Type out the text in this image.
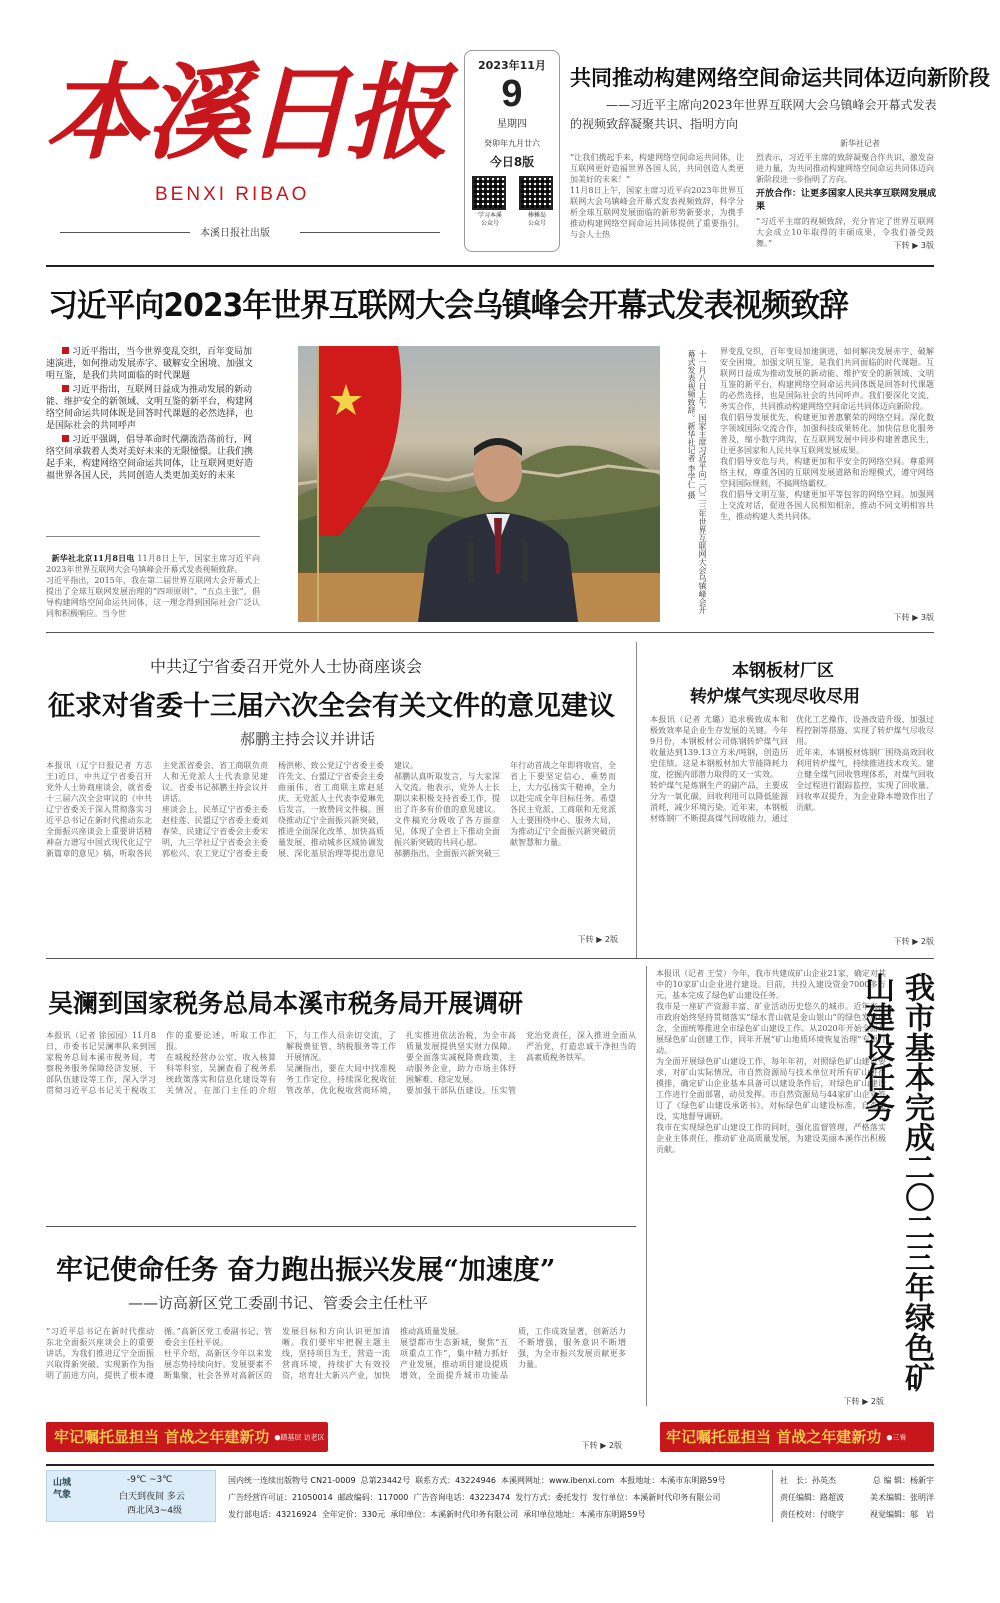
本溪日报
BENXI RIBAO
本溪日报社出版
2023年11月
9
星期四
癸卯年九月廿六
今日8版
学习本溪
公众号
棒棰岛
公众号
共同推动构建网络空间命运共同体迈向新阶段
——习近平主席向2023年世界互联网大会乌镇峰会开幕式发表的视频致辞凝聚共识、指明方向
新华社记者
“让我们携起手来，构建网络空间命运共同体，让互联网更好造福世界各国人民，共同创造人类更加美好的未来！”
11月8日上午，国家主席习近平向2023年世界互联网大会乌镇峰会开幕式发表视频致辞，科学分析全球互联网发展面临的新形势新要求，为携手推动构建网络空间命运共同体提供了重要指引。与会人士热
烈表示，习近平主席的致辞凝聚合作共识、激发奋进力量，为共同推动构建网络空间命运共同体迈向新阶段进一步指明了方向。
开放合作：让更多国家人民共享互联网发展成果
“习近平主席的视频致辞，充分肯定了世界互联网大会成立10年取得的丰硕成果，令我们备受鼓舞。”	下转 ▶ 3版
习近平向2023年世界互联网大会乌镇峰会开幕式发表视频致辞
习近平指出，当今世界变乱交织，百年变局加速演进，如何推动发展赤字、破解安全困境、加强文明互鉴，是我们共同面临的时代课题
习近平指出，互联网日益成为推动发展的新动能、维护安全的新领域、文明互鉴的新平台，构建网络空间命运共同体既是回答时代课题的必然选择，也是国际社会的共同呼声
习近平强调，倡导革命时代潮流浩荡前行，网络空间承载着人类对美好未来的无限憧憬。让我们携起手来，构建网络空间命运共同体，让互联网更好造福世界各国人民，共同创造人类更加美好的未来

新华社北京11月8日电 11月8日上午，国家主席习近平向2023年世界互联网大会乌镇峰会开幕式发表视频致辞。
习近平指出，2015年，我在第二届世界互联网大会开幕式上提出了全球互联网发展治理的“四项原则”、“五点主张”，倡导构建网络空间命运共同体，这一理念得到国际社会广泛认同和积极响应。当今世	十一月八日上午，国家主席习近平向二〇二三年世界互联网大会乌镇峰会开幕式发表视频致辞。新华社记者 李学仁 摄	界变乱交织，百年变局加速演进，如何解决发展赤字、破解安全困境、加强文明互鉴，是我们共同面临的时代课题。互联网日益成为推动发展的新动能、维护安全的新领域、文明互鉴的新平台，构建网络空间命运共同体既是回答时代课题的必然选择，也是国际社会的共同呼声。我们要深化交流、务实合作，共同推动构建网络空间命运共同体迈向新阶段。
我们倡导发展优先，构建更加普惠繁荣的网络空间。深化数字领域国际交流合作，加强科技成果转化。加快信息化服务普及，缩小数字鸿沟，在互联网发展中同步构建普惠民生，让更多国家和人民共享互联网发展成果。
我们倡导安危与共，构建更加和平安全的网络空间。尊重网络主权，尊重各国的互联网发展道路和治理模式，遵守网络空间国际规则，不搞网络霸权。
我们倡导文明互鉴，构建更加平等包容的网络空间。加强网上交流对话，促进各国人民相知相亲，推动不同文明相容共生，推动构建人类共同体。
下转 ▶ 3版
中共辽宁省委召开党外人士协商座谈会
征求对省委十三届六次全会有关文件的意见建议
郝鹏主持会议并讲话
本报讯（辽宁日报记者 方志王)近日，中共辽宁省委召开党外人士协商座谈会，就省委十三届六次全会审议的《中共辽宁省委关于深入贯彻落实习近平总书记在新时代推动东北全面振兴座谈会上重要讲话精神奋力谱写中国式现代化辽宁新篇章的意见》稿，听取各民主党派省委会、省工商联负责人和无党派人士代表意见建议。省委书记郝鹏主持会议并讲话。
座谈会上，民革辽宁省委主委赵桂莲、民盟辽宁省委主委刘春荣、民建辽宁省委会主委宋明，九三学社辽宁省委会主委郭松兴、农工党辽宁省委主委杨洪彬、致公党辽宁省委主委许先文、台盟辽宁省委会主委曲丽伟、省工商联主席赵延庆、无党派人士代表李爱琳先后发言，一致赞同文件稿。围绕推动辽宁全面振兴新突破，推进全面深化改革、加快高质量发展、推动城乡区域协调发展、深化基层治理等提出意见建议。
郝鹏认真听取发言，与大家深入交流。他表示，党外人士长期以来积极支持省委工作，提出了许多有价值的意见建议。文件稿充分吸收了各方面意见，体现了全省上下推动全面振兴新突破的共同心愿。
郝鹏指出，全面振兴新突破三年行动首战之年即将收官，全省上下要坚定信心、乘势而上，大力弘扬实干精神，全力以赴完成全年目标任务。希望各民主党派、工商联和无党派人士要围绕中心、服务大局，为推动辽宁全面振兴新突破贡献智慧和力量。
下转 ▶ 2版
本钢板材厂区
转炉煤气实现尽收尽用
本报讯（记者 尤璐）追求极致成本和极致效率是企业生存发展的关键。今年9月份，本钢板材公司炼钢转炉煤气回收量达到139.13立方米/吨钢，创造历史佳绩。这是本钢板材加大节能降耗力度，挖掘内部潜力取得的又一实效。
转炉煤气是炼钢生产的副产品，主要成分为一氧化碳，回收利用可以降低能源消耗，减少环境污染。近年来，本钢板材炼钢厂不断提高煤气回收能力，通过优化工艺操作、设备改造升级、加强过程控制等措施，实现了转炉煤气尽收尽用。
近年来，本钢板材炼钢厂围绕高效回收利用转炉煤气，持续推进技术攻关。建立健全煤气回收管理体系，对煤气回收全过程进行跟踪监控，实现了回收量、回收率双提升，为企业降本增效作出了贡献。
下转 ▶ 2版
吴澜到国家税务总局本溪市税务局开展调研
本报讯（记者 徐园园）11月8日，市委书记吴澜率队来到国家税务总局本溪市税务局，考察税务服务保障经济发展、干部队伍建设等工作，深入学习贯彻习近平总书记关于税收工作的重要论述，听取工作汇报。
在城税经营办公室、收入核算科等科室，吴澜查看了税务系统政策落实和信息化建设等有关情况，在部门主任的介绍下，与工作人员亲切交流，了解税费征管、纳税服务等工作开展情况。
吴澜指出，要在大局中找准税务工作定位，持续深化税收征管改革，优化税收营商环境，扎实推进依法治税，为全市高质量发展提供坚实财力保障。要全面落实减税降费政策，主动服务企业，助力市场主体纾困解难、稳定发展。
要加强干部队伍建设，压实管党治党责任，深入推进全面从严治党，打造忠诚干净担当的高素质税务铁军。
本报讯（记者 王莹）今年，我市共建成矿山企业21家，确定对其中的10家矿山企业进行建设。目前，共投入建设资金7000多万元，基本完成了绿色矿山建设任务。
我市是一座矿产资源丰富、矿业活动历史悠久的城市。近年来，市政府始终坚持贯彻落实“绿水青山就是金山银山”的绿色发展理念，全面统筹推进全市绿色矿山建设工作。从2020年开始全面开展绿色矿山创建工作，同年开展“矿山地质环境恢复治理”专项行动。
为全面开展绿色矿山建设工作，每年年初，对照绿色矿山建设要求，对矿山实际情况，市自然资源局与技术单位对所有矿山进行摸排，确定矿山企业基本具备可以建设条件后，对绿色矿山建设工作进行全面部署，动员发挥。市自然资源局与44家矿山企业签订了《绿色矿山建设承诺书》，对标绿色矿山建设标准，自查建设，实地督导调研。
我市在实现绿色矿山建设工作的同时，强化监督管理，严格落实企业主体责任，推动矿业高质量发展，为建设美丽本溪作出积极贡献。	我市基本完成二〇二三年绿色矿山建设任务
下转 ▶ 2版
牢记使命任务 奋力跑出振兴发展“加速度”
——访高新区党工委副书记、管委会主任杜平
“习近平总书记在新时代推动东北全面振兴座谈会上的重要讲话，为我们推进辽宁全面振兴取得新突破、实现新作为指明了前进方向，提供了根本遵循。”高新区党工委副书记、管委会主任杜平说。
杜平介绍，高新区今年以来发展态势持续向好。发展要素不断集聚，社会各界对高新区的发展目标和方向认识更加清晰。我们要牢牢把握主题主线，坚持项目为王，营造一流营商环境，持续扩大有效投资，培育壮大新兴产业，加快推动高质量发展。
展望都市生态新城，聚焦“五项重点工作”，集中精力抓好产业发展，推动项目建设提质增效，全面提升城市功能品质，工作成效显著，创新活力不断增强，服务意识不断增强，为全市振兴发展贡献更多力量。
下转 ▶ 2版
牢记嘱托显担当 首战之年建新功 ●踏基层 访老区 看变化	牢记嘱托显担当 首战之年建新功 ●三看
山城
气象
-9℃ ~3℃
白天到夜间 多云
西北风3~4级
国内统一连续出版物号 CN21-0009 总第23442号 联系方式：43224946 本溪网网址：www.ibenxi.com 本报地址：本溪市东明路59号
广告经营许可证：21050014 邮政编码：117000 广告咨询电话：43223474 发行方式：委托发行 发行单位：本溪新时代印务有限公司
发行部电话：43216924 全年定价：330元 承印单位：本溪新时代印务有限公司 承印单位地址：本溪市东明路59号
社　长：孙英杰	总 编 辑：杨新宇
责任编辑：路超波	美术编辑：张明洋
责任校对：付晓宇	视觉编辑：邬　岩
